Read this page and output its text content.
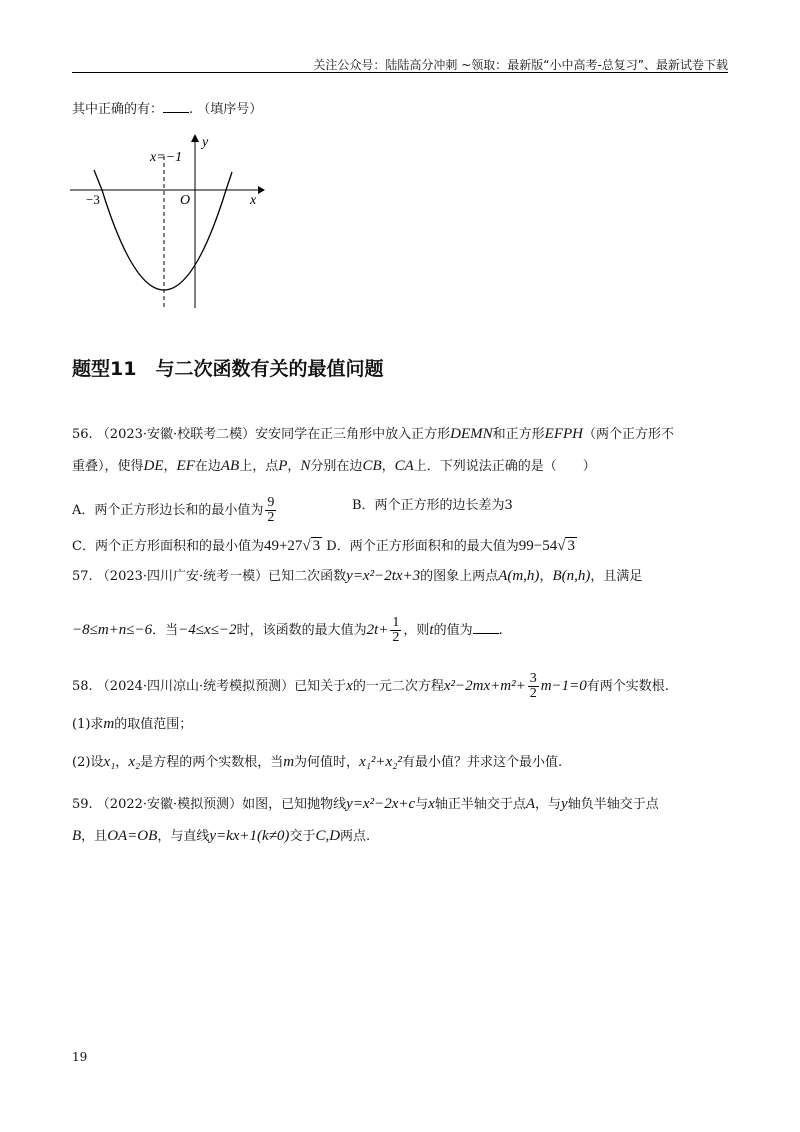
关注公众号：陆陆高分冲刺 ~领取：最新版“小中高考-总复习”、最新试卷下载
其中正确的有： . （填序号）
x=−1
y
x
O
−3
题型11　与二次函数有关的最值问题
56. （2023·安徽·校联考二模）安安同学在正三角形中放入正方形DEMN和正方形EFPH（两个正方形不
重叠），使得DE，EF在边AB上，点P，N分别在边CB，CA上．下列说法正确的是（　　）
A．两个正方形边长和的最小值为 $\frac{9}{2}$	B．两个正方形的边长差为3
C．两个正方形面积和的最小值为49+27√ 3 D．两个正方形面积和的最大值为99−54√ 3
57. （2023·四川广安·统考一模）已知二次函数y=x²−2tx+3的图象上两点A(m,h)，B(n,h)，且满足
−8≤m+n≤−6．当−4≤x≤−2时，该函数的最大值为$2t+ \frac{1}{2}$ ，则t的值为 .
58. （2024·四川凉山·统考模拟预测）已知关于x的一元二次方程$x^2-2mx+m^2+ \frac{3}{2} m-1=0$有两个实数根.
(1)求m的取值范围；
(2)设x₁，x₂是方程的两个实数根，当m为何值时，x₁²+x₂²有最小值？并求这个最小值.
59. （2022·安徽·模拟预测）如图，已知抛物线y=x²−2x+c与x轴正半轴交于点A，与y轴负半轴交于点
B，且OA=OB，与直线y=kx+1(k≠0)交于C,D两点.
19
